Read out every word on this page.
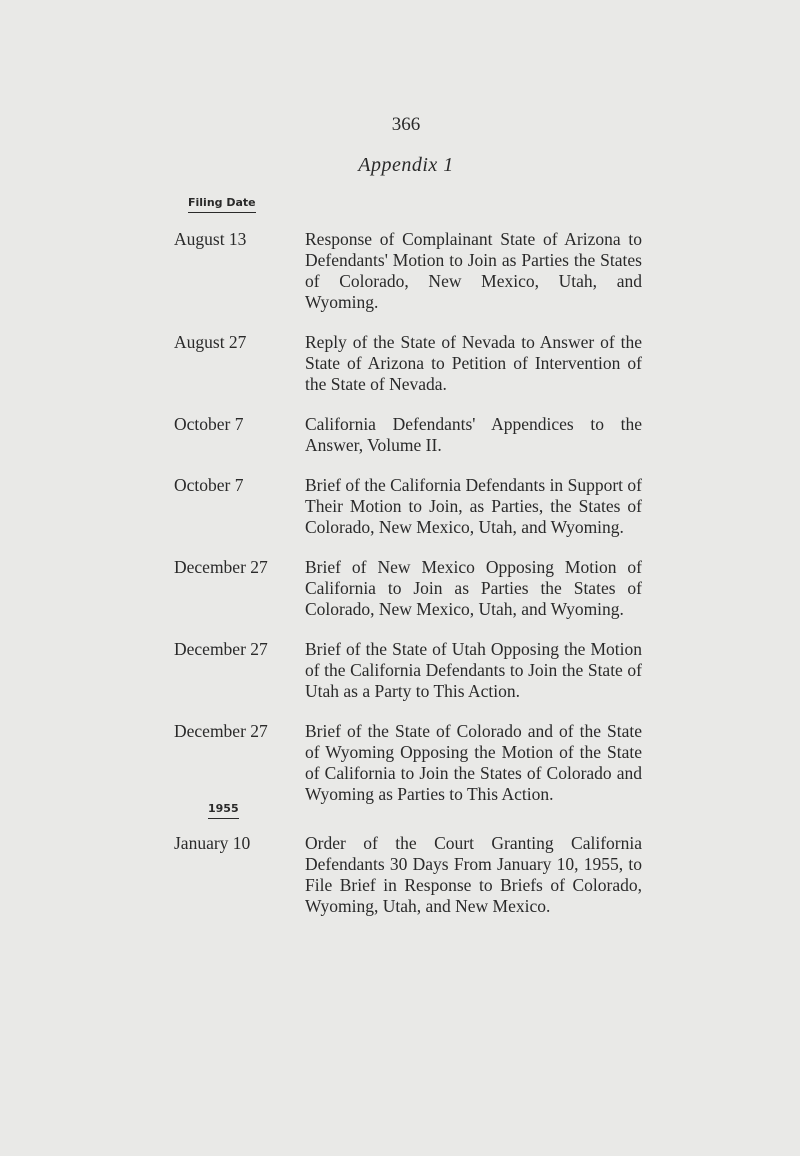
366
Appendix 1
Filing Date
August 13	Response of Complainant State of Arizona to Defendants' Motion to Join as Parties the States of Colorado, New Mexico, Utah, and Wyoming.
August 27	Reply of the State of Nevada to Answer of the State of Arizona to Petition of Intervention of the State of Nevada.
October 7	California Defendants' Appendices to the Answer, Volume II.
October 7	Brief of the California Defendants in Support of Their Motion to Join, as Parties, the States of Colorado, New Mexico, Utah, and Wyoming.
December 27	Brief of New Mexico Opposing Motion of California to Join as Parties the States of Colorado, New Mexico, Utah, and Wyoming.
December 27	Brief of the State of Utah Opposing the Motion of the California Defendants to Join the State of Utah as a Party to This Action.
December 27	Brief of the State of Colorado and of the State of Wyoming Opposing the Motion of the State of California to Join the States of Colorado and Wyoming as Parties to This Action.
1955
January 10	Order of the Court Granting California Defendants 30 Days From January 10, 1955, to File Brief in Response to Briefs of Colorado, Wyoming, Utah, and New Mexico.
